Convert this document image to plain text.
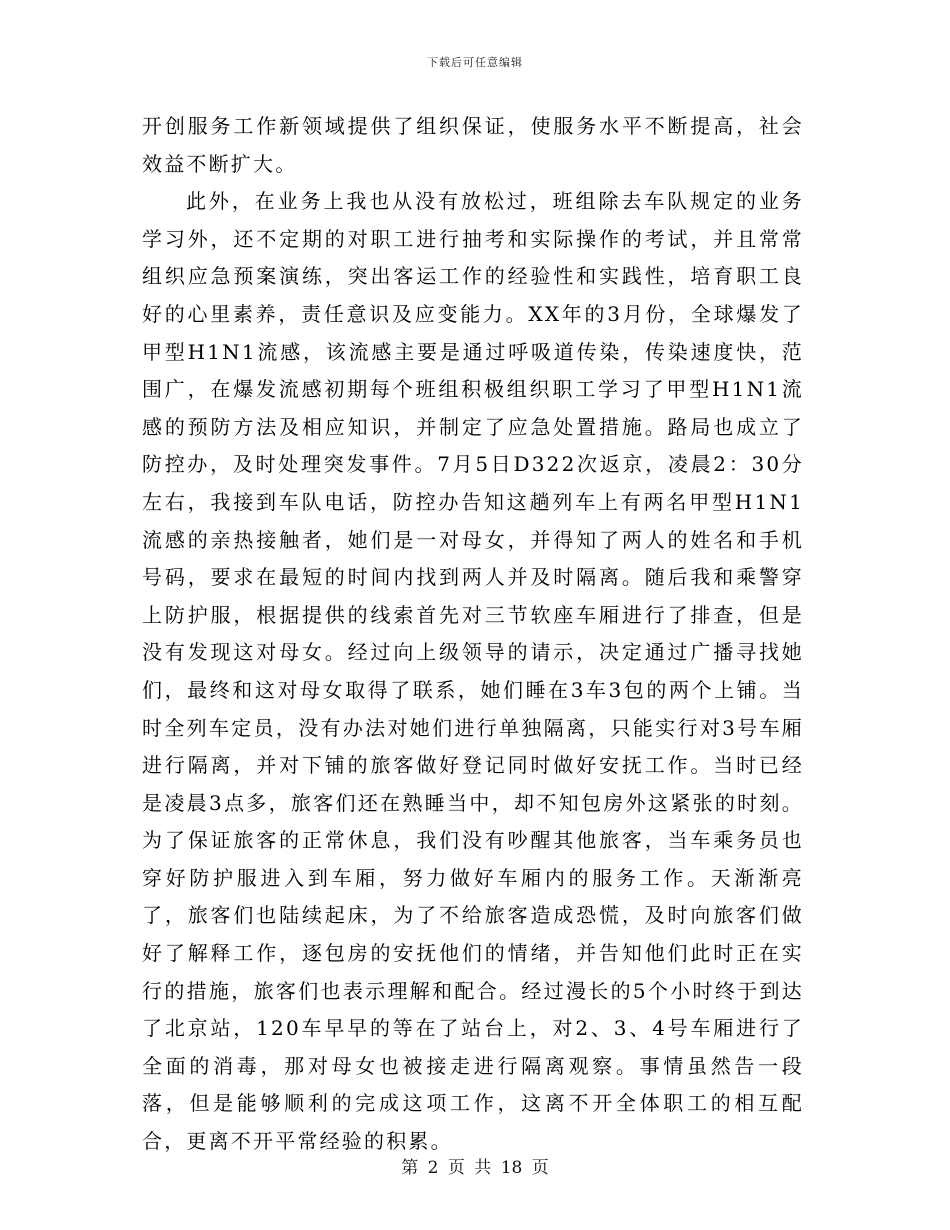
下载后可任意编辑

开创服务工作新领域提供了组织保证，使服务水平不断提高，社会效益不断扩大。

此外，在业务上我也从没有放松过，班组除去车队规定的业务学习外，还不定期的对职工进行抽考和实际操作的考试，并且常常组织应急预案演练，突出客运工作的经验性和实践性，培育职工良好的心里素养，责任意识及应变能力。XX年的3月份，全球爆发了甲型H1N1流感，该流感主要是通过呼吸道传染，传染速度快，范围广，在爆发流感初期每个班组积极组织职工学习了甲型H1N1流感的预防方法及相应知识，并制定了应急处置措施。路局也成立了防控办，及时处理突发事件。7月5日D322次返京，凌晨2：30分左右，我接到车队电话，防控办告知这趟列车上有两名甲型H1N1流感的亲热接触者，她们是一对母女，并得知了两人的姓名和手机号码，要求在最短的时间内找到两人并及时隔离。随后我和乘警穿上防护服，根据提供的线索首先对三节软座车厢进行了排查，但是没有发现这对母女。经过向上级领导的请示，决定通过广播寻找她们，最终和这对母女取得了联系，她们睡在3车3包的两个上铺。当时全列车定员，没有办法对她们进行单独隔离，只能实行对3号车厢进行隔离，并对下铺的旅客做好登记同时做好安抚工作。当时已经是凌晨3点多，旅客们还在熟睡当中，却不知包房外这紧张的时刻。为了保证旅客的正常休息，我们没有吵醒其他旅客，当车乘务员也穿好防护服进入到车厢，努力做好车厢内的服务工作。天渐渐亮了，旅客们也陆续起床，为了不给旅客造成恐慌，及时向旅客们做好了解释工作，逐包房的安抚他们的情绪，并告知他们此时正在实行的措施，旅客们也表示理解和配合。经过漫长的5个小时终于到达了北京站，120车早早的等在了站台上，对2、3、4号车厢进行了全面的消毒，那对母女也被接走进行隔离观察。事情虽然告一段落，但是能够顺利的完成这项工作，这离不开全体职工的相互配合，更离不开平常经验的积累。

第 2 页 共 18 页
